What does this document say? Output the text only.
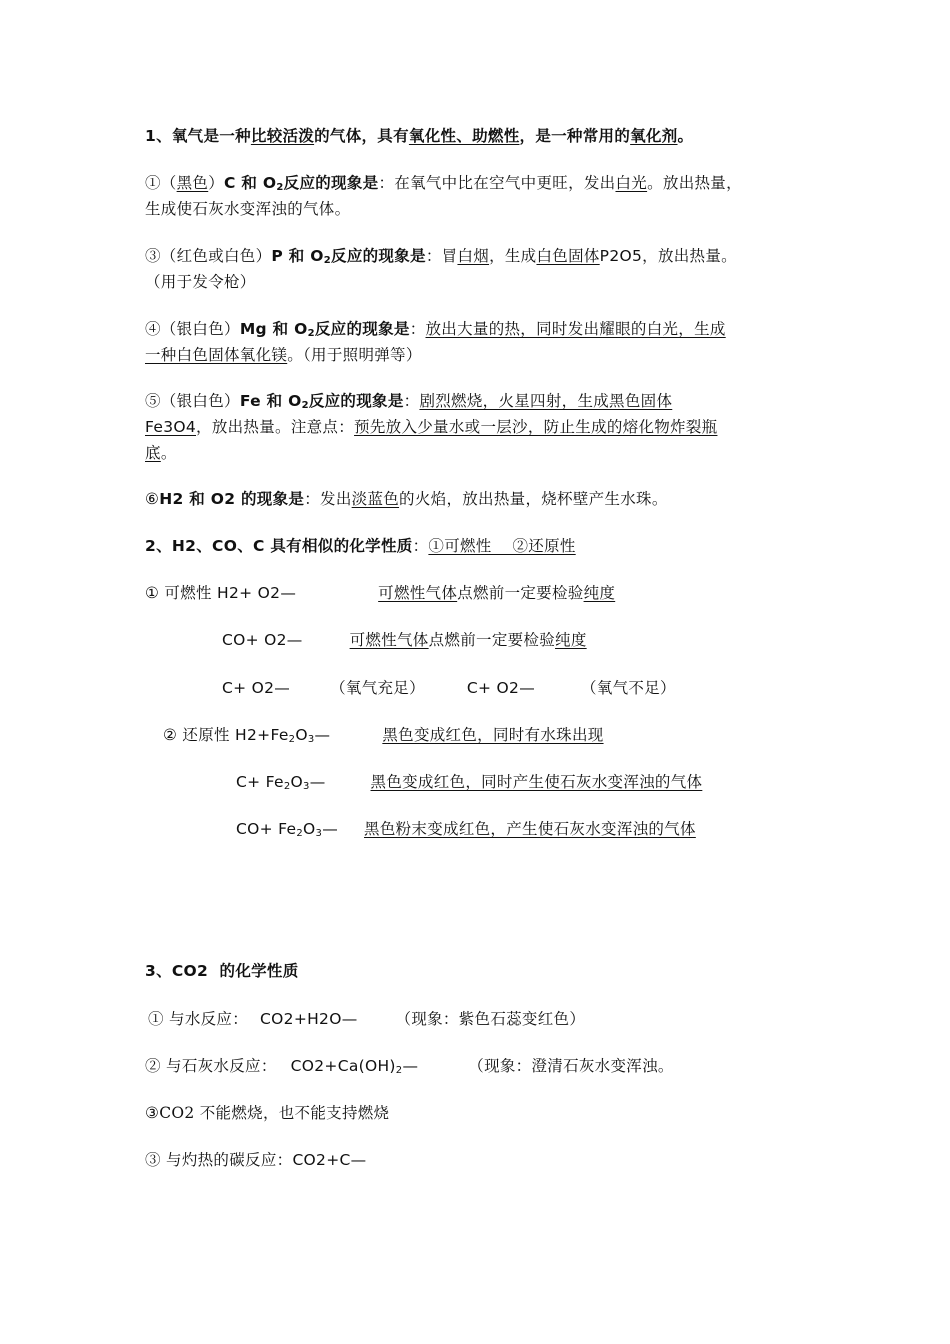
1、氧气是一种比较活泼的气体，具有氧化性、助燃性，是一种常用的氧化剂。
①（黑色）C 和 $O_2$反应的现象是：在氧气中比在空气中更旺，发出白光。放出热量，
生成使石灰水变浑浊的气体。
③（红色或白色）P 和 $O_2$反应的现象是：冒白烟，生成白色固体P2O5，放出热量。
（用于发令枪）
④（银白色）Mg 和 $O_2$反应的现象是：放出大量的热，同时发出耀眼的白光，生成
一种白色固体氧化镁。（用于照明弹等）
⑤（银白色）Fe 和 $O_2$反应的现象是：剧烈燃烧，火星四射，生成黑色固体
Fe3O4，放出热量。注意点：预先放入少量水或一层沙，防止生成的熔化物炸裂瓶
底。
⑥H2 和 O2 的现象是：发出淡蓝色的火焰，放出热量，烧杯壁产生水珠。
2、H2、CO、C 具有相似的化学性质：①可燃性    ②还原性
① 可燃性 H2+ O2—	可燃性气体点燃前一定要检验纯度
CO+ O2—	可燃性气体点燃前一定要检验纯度
C+ O2—	（氧气充足）	C+ O2—	（氧气不足）
② 还原性 $H2+Fe_2O_3—$	黑色变成红色，同时有水珠出现
$C+ Fe_2O_3—$	黑色变成红色，同时产生使石灰水变浑浊的气体
$CO+ Fe_2O_3—$ 黑色粉末变成红色，产生使石灰水变浑浊的气体
3、CO2  的化学性质
① 与水反应： CO2+H2O— （现象：紫色石蕊变红色）
② 与石灰水反应： $CO2+Ca(OH)_2—$	（现象：澄清石灰水变浑浊。
③CO2 不能燃烧，也不能支持燃烧
③ 与灼热的碳反应：CO2+C—
